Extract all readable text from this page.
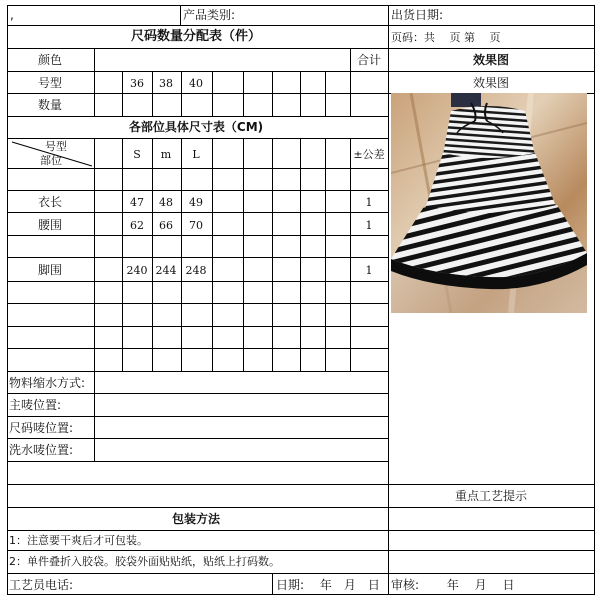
,	产品类别:	出货日期:
尺码数量分配表（件）	页码：共　 页 第　 页
颜色	合计	效果图
号型	36 38 40	效果图
数量
各部位具体尺寸表（CM)
号型
部位	S m L	±公差
衣长	47 48 49	1
腰围	62 66 70	1
脚围	240 244 248	1
物料缩水方式:
主唛位置:
尺码唛位置:
洗水唛位置:
重点工艺提示
包装方法
1：注意要干爽后才可包装。
2：单件叠折入胶袋。胶袋外面贴贴纸，贴纸上打码数。
工艺员电话:	日期:　 年　月　日 审核:　　 年　 月　 日
